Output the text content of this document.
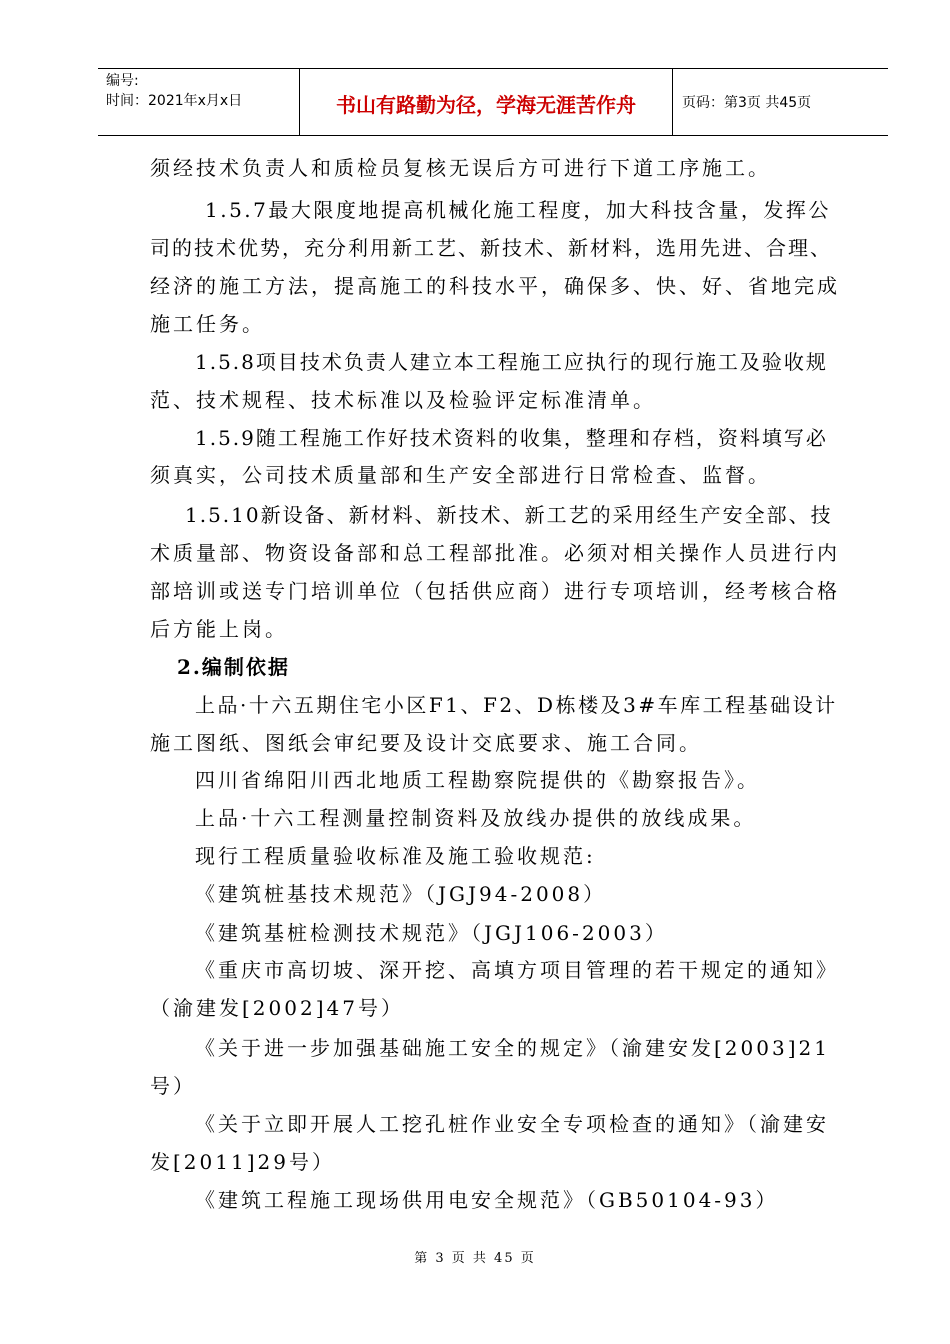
编号:
时间：2021年x月x日	书山有路勤为径，学海无涯苦作舟	页码：第3页 共45页
须经技术负责人和质检员复核无误后方可进行下道工序施工。
1.5.7最大限度地提高机械化施工程度，加大科技含量，发挥公
司的技术优势，充分利用新工艺、新技术、新材料，选用先进、合理、
经济的施工方法，提高施工的科技水平，确保多、快、好、省地完成
施工任务。
1.5.8项目技术负责人建立本工程施工应执行的现行施工及验收规
范、技术规程、技术标准以及检验评定标准清单。
1.5.9随工程施工作好技术资料的收集，整理和存档，资料填写必
须真实，公司技术质量部和生产安全部进行日常检查、监督。
1.5.10新设备、新材料、新技术、新工艺的采用经生产安全部、技
术质量部、物资设备部和总工程部批准。必须对相关操作人员进行内
部培训或送专门培训单位（包括供应商）进行专项培训，经考核合格
后方能上岗。
2.编制依据
上品·十六五期住宅小区F1、F2、D栋楼及3#车库工程基础设计
施工图纸、图纸会审纪要及设计交底要求、施工合同。
四川省绵阳川西北地质工程勘察院提供的《勘察报告》。
上品·十六工程测量控制资料及放线办提供的放线成果。
现行工程质量验收标准及施工验收规范:
《建筑桩基技术规范》（JGJ94-2008）
《建筑基桩检测技术规范》（JGJ106-2003）
《重庆市高切坡、深开挖、高填方项目管理的若干规定的通知》
（渝建发[2002]47号）
《关于进一步加强基础施工安全的规定》（渝建安发[2003]21
号）
《关于立即开展人工挖孔桩作业安全专项检查的通知》（渝建安
发[2011]29号）
《建筑工程施工现场供用电安全规范》（GB50104-93）
第 3 页 共 45 页
